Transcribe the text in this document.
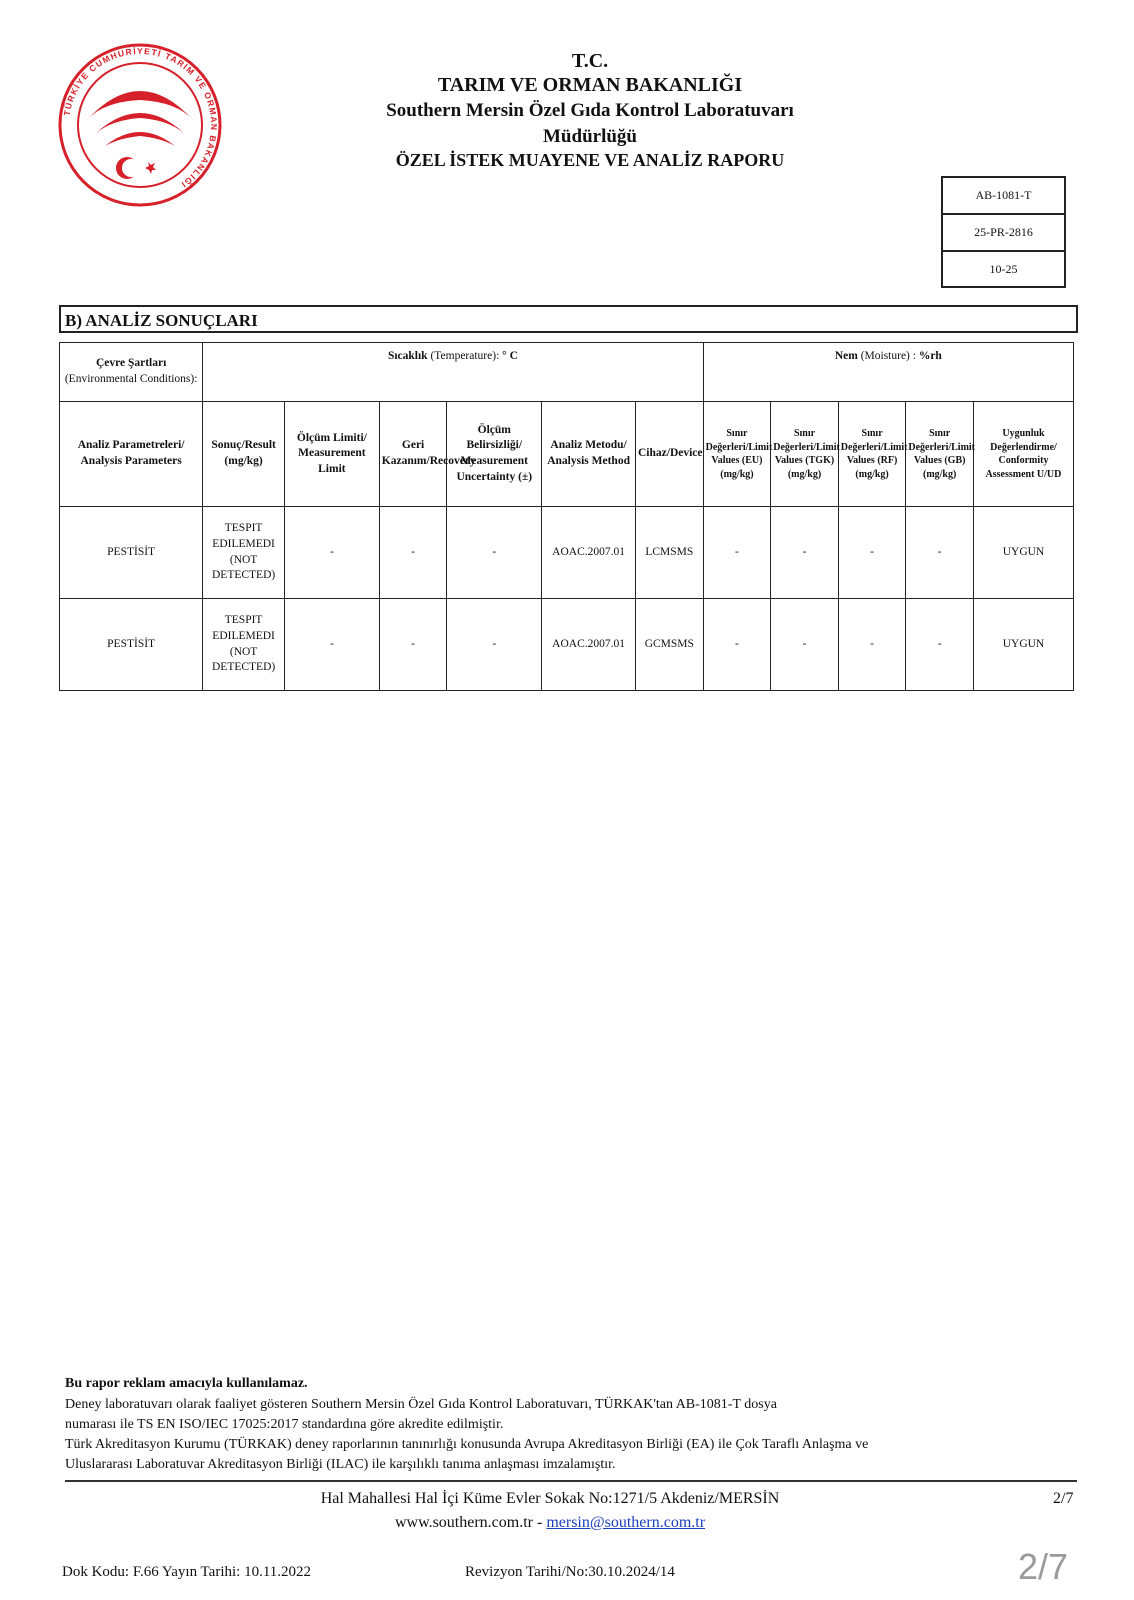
TÜRKİYE CUMHURİYETİ TARIM VE ORMAN BAKANLIĞI
T.C.
TARIM VE ORMAN BAKANLIĞI
Southern Mersin Özel Gıda Kontrol Laboratuvarı
Müdürlüğü
ÖZEL İSTEK MUAYENE VE ANALİZ RAPORU
AB-1081-T
25-PR-2816
10-25
B) ANALİZ SONUÇLARI
Çevre Şartları
(Environmental Conditions):	Sıcaklık (Temperature): ° C						Nem (Moisture) : %rh				
Analiz Parametreleri/ Analysis Parameters	Sonuç/Result (mg/kg)	Ölçüm Limiti/ Measurement Limit	Geri Kazanım/Recovery	Ölçüm Belirsizliği/ Measurement Uncertainty (±)	Analiz Metodu/ Analysis Method	Cihaz/Device	Sınır Değerleri/Limit Values (EU) (mg/kg)	Sınır Değerleri/Limit Values (TGK) (mg/kg)	Sınır Değerleri/Limit Values (RF) (mg/kg)	Sınır Değerleri/Limit Values (GB) (mg/kg)	Uygunluk Değerlendirme/ Conformity Assessment U/UD
PESTİSİT	TESPIT EDILEMEDI (NOT DETECTED)	-	-	-	AOAC.2007.01	LCMSMS	-	-	-	-	UYGUN
PESTİSİT	TESPIT EDILEMEDI (NOT DETECTED)	-	-	-	AOAC.2007.01	GCMSMS	-	-	-	-	UYGUN
Bu rapor reklam amacıyla kullanılamaz.
Deney laboratuvarı olarak faaliyet gösteren Southern Mersin Özel Gıda Kontrol Laboratuvarı, TÜRKAK'tan AB-1081-T dosya
numarası ile TS EN ISO/IEC 17025:2017 standardına göre akredite edilmiştir.
Türk Akreditasyon Kurumu (TÜRKAK) deney raporlarının tanınırlığı konusunda Avrupa Akreditasyon Birliği (EA) ile Çok Taraflı Anlaşma ve
Uluslararası Laboratuvar Akreditasyon Birliği (ILAC) ile karşılıklı tanıma anlaşması imzalamıştır.
Hal Mahallesi Hal İçi Küme Evler Sokak No:1271/5 Akdeniz/MERSİN
www.southern.com.tr - mersin@southern.com.tr
2/7
Dok Kodu: F.66 Yayın Tarihi: 10.11.2022	Revizyon Tarihi/No:30.10.2024/14	2/7
